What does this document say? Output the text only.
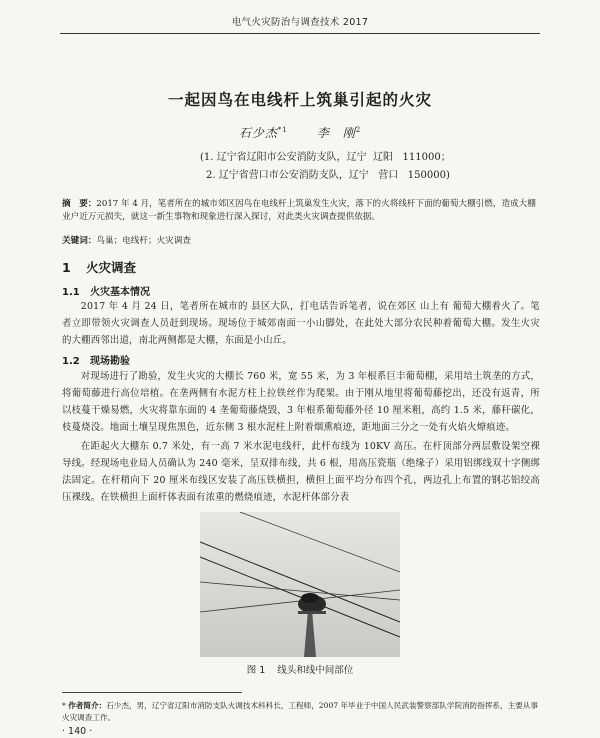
电气火灾防治与调查技术 2017
一起因鸟在电线杆上筑巢引起的火灾
石少杰$^{*1}$ 李　刚$^2$
(1. 辽宁省辽阳市公安消防支队，辽宁  辽阳   111000；
2. 辽宁省营口市公安消防支队，辽宁   营口   150000)
摘　要：2017 年 4 月，笔者所在的城市郊区因鸟在电线杆上筑巢发生火灾，落下的火将线杆下面的葡萄大棚引燃，造成大棚业户近万元损失，就这一新生事物和现象进行深入探讨，对此类火灾调查提供依据。
关键词：鸟巢；电线杆；火灾调查
1 火灾调查
1.1 火灾基本情况
2017 年 4 月 24 日，笔者所在城市的 县区大队，打电话告诉笔者，说在郊区 山上有 葡萄大棚着火了。笔者立即带领火灾调查人员赶到现场。现场位于城郊南面一小山脚处，在此处大部分农民种着葡萄大棚。发生火灾的大棚西邻出道，南北两侧都是大棚，东面是小山丘。
1.2 现场勘验
对现场进行了勘验，发生火灾的大棚长 760 米，宽 55 米，为 3 年根系巨丰葡萄棚，采用培土筑垄的方式，将葡萄藤进行高位培植。在垄两侧有水泥方柱上拉铁丝作为爬架。由于刚从地里将葡萄藤挖出，还没有返青，所以枝蔓干燥易燃，火灾将靠东面的 4 垄葡萄藤烧毁，3 年根系葡萄藤外径 10 厘米粗，高约 1.5 米，藤秆碳化，枝蔓烧没。地面土壤呈现焦黑色，近东侧 3 根水泥柱上附着烟熏痕迹，距地面三分之一处有火焰火燎痕迹。
在距起火大棚东 0.7 米处，有一高 7 米水泥电线杆，此杆布线为 10KV 高压。在杆顶部分两层敷设架空裸导线。经现场电业局人员确认为 240 毫米，呈双排布线，共 6 根，用高压瓷瓶（绝缘子）采用铝绑线双十字侧绑法固定。在杆稍向下 20 厘米布线区安装了高压铁横担，横担上面平均分布四个孔，两边孔上布置的钢芯铝绞高压裸线。在铁横担上面杆体表面有浓重的燃烧痕迹，水泥杆体部分表
图 1 线头和线中间部位
* 作者简介：石少杰，男，辽宁省辽阳市消防支队火调技术科科长，工程师，2007 年毕业于中国人民武装警察部队学院消防指挥系，主要从事火灾调查工作。
· 140 ·
